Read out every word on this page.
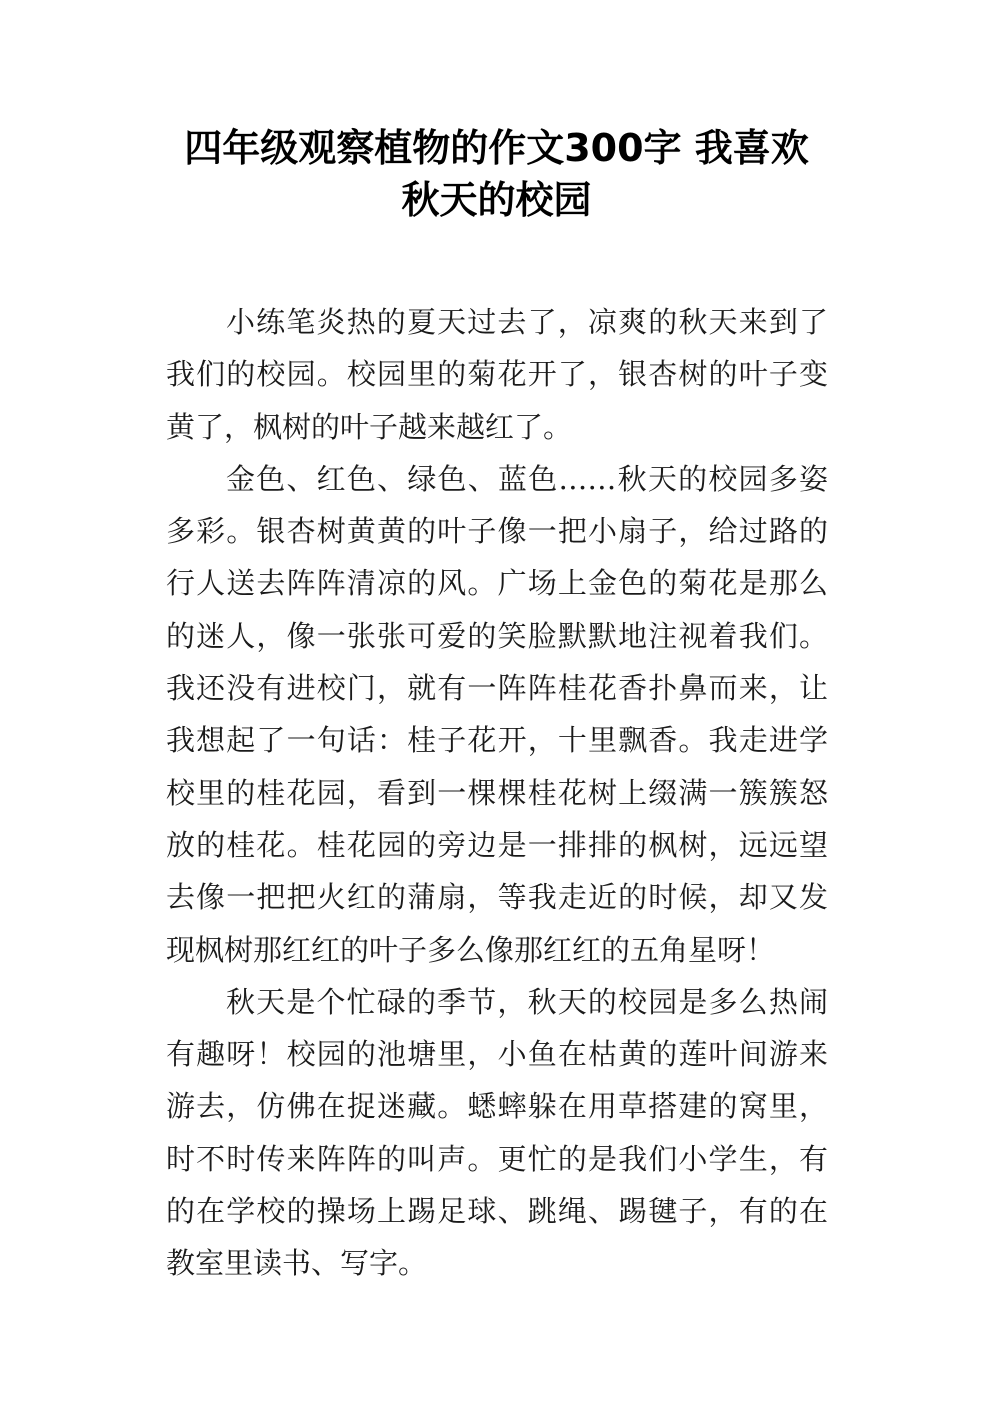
四年级观察植物的作文300字 我喜欢
秋天的校园
小练笔炎热的夏天过去了，凉爽的秋天来到了
我们的校园。校园里的菊花开了，银杏树的叶子变
黄了，枫树的叶子越来越红了。
金色、红色、绿色、蓝色……秋天的校园多姿
多彩。银杏树黄黄的叶子像一把小扇子，给过路的
行人送去阵阵清凉的风。广场上金色的菊花是那么
的迷人，像一张张可爱的笑脸默默地注视着我们。
我还没有进校门，就有一阵阵桂花香扑鼻而来，让
我想起了一句话：桂子花开，十里飘香。我走进学
校里的桂花园，看到一棵棵桂花树上缀满一簇簇怒
放的桂花。桂花园的旁边是一排排的枫树，远远望
去像一把把火红的蒲扇，等我走近的时候，却又发
现枫树那红红的叶子多么像那红红的五角星呀！
秋天是个忙碌的季节，秋天的校园是多么热闹
有趣呀！校园的池塘里，小鱼在枯黄的莲叶间游来
游去，仿佛在捉迷藏。蟋蟀躲在用草搭建的窝里，
时不时传来阵阵的叫声。更忙的是我们小学生，有
的在学校的操场上踢足球、跳绳、踢毽子，有的在
教室里读书、写字。
